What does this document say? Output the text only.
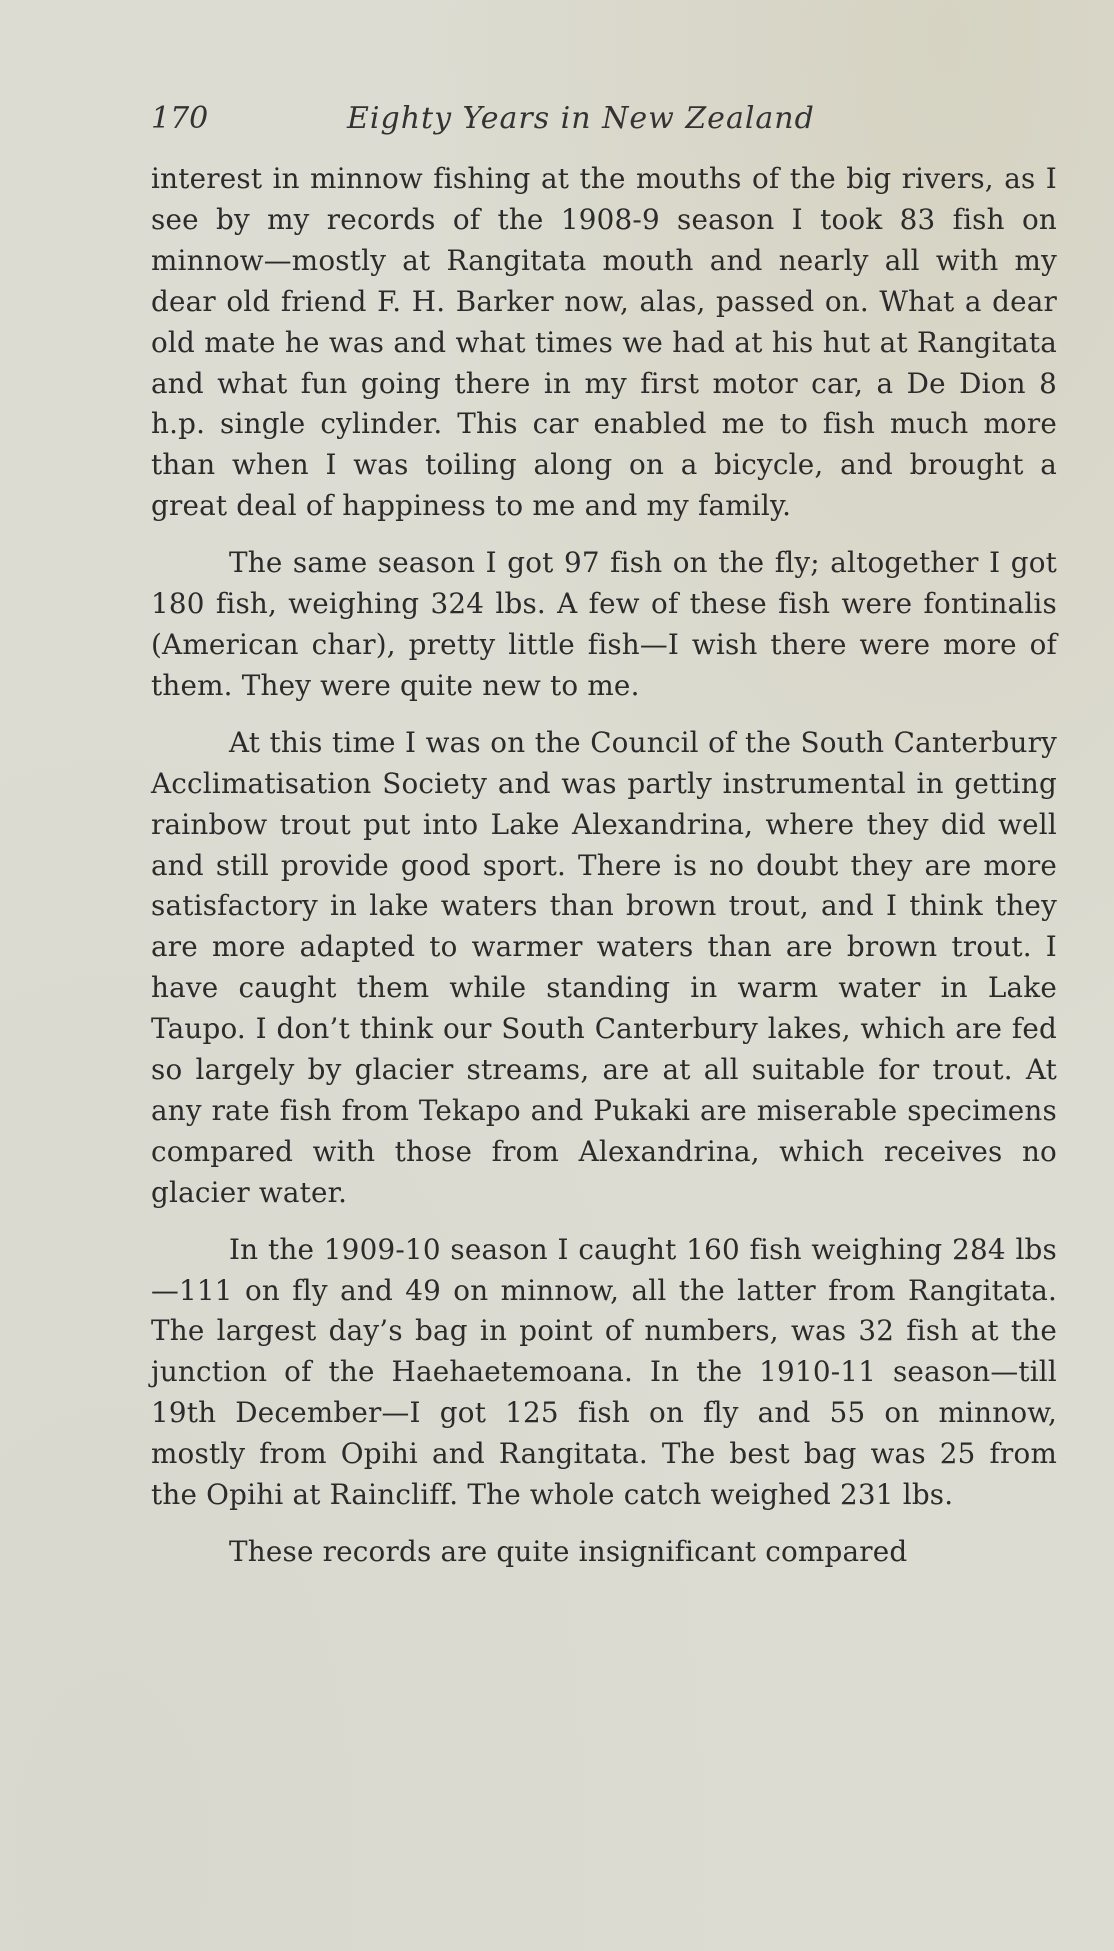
170	Eighty Years in New Zealand

interest in minnow fishing at the mouths of the big rivers, as I see by my records of the 1908-9 season I took 83 fish on minnow—mostly at Rangitata mouth and nearly all with my dear old friend F. H. Barker now, alas, passed on. What a dear old mate he was and what times we had at his hut at Rangitata and what fun going there in my first motor car, a De Dion 8 h.p. single cylinder. This car enabled me to fish much more than when I was toiling along on a bicycle, and brought a great deal of happiness to me and my family.

The same season I got 97 fish on the fly; altogether I got 180 fish, weighing 324 lbs. A few of these fish were fontinalis (American char), pretty little fish—I wish there were more of them. They were quite new to me.

At this time I was on the Council of the South Canterbury Acclimatisation Society and was partly instrumental in getting rainbow trout put into Lake Alexandrina, where they did well and still provide good sport. There is no doubt they are more satisfactory in lake waters than brown trout, and I think they are more adapted to warmer waters than are brown trout. I have caught them while standing in warm water in Lake Taupo. I don’t think our South Canterbury lakes, which are fed so largely by glacier streams, are at all suitable for trout. At any rate fish from Tekapo and Pukaki are miserable specimens compared with those from Alexandrina, which receives no glacier water.

In the 1909-10 season I caught 160 fish weighing 284 lbs—111 on fly and 49 on minnow, all the latter from Rangitata. The largest day’s bag in point of numbers, was 32 fish at the junction of the Haehaetemoana. In the 1910-11 season—till 19th December—I got 125 fish on fly and 55 on minnow, mostly from Opihi and Rangitata. The best bag was 25 from the Opihi at Raincliff. The whole catch weighed 231 lbs.

These records are quite insignificant compared
